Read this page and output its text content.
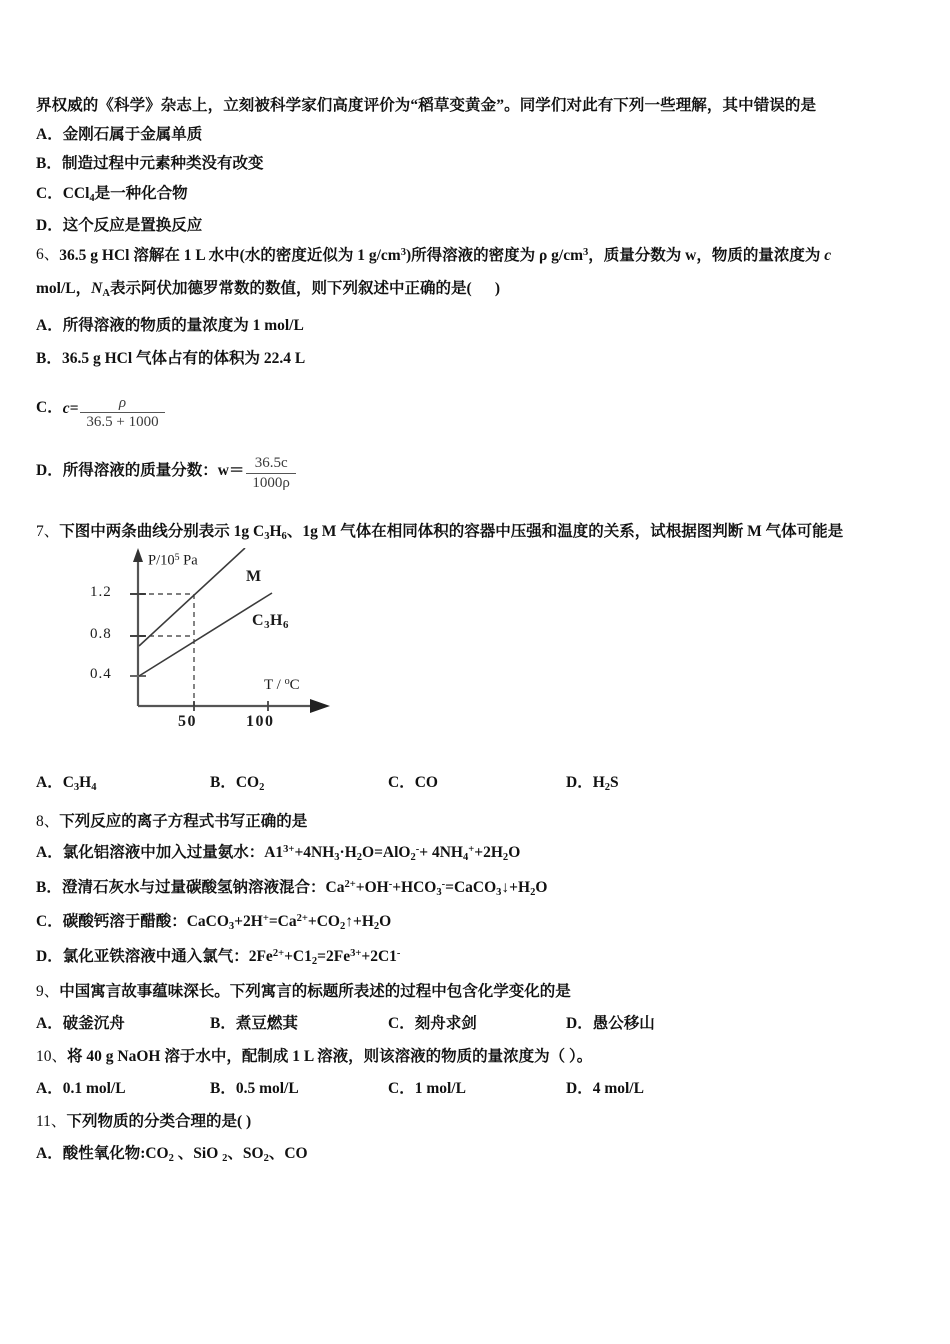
界权威的《科学》杂志上，立刻被科学家们高度评价为“稻草变黄金”。同学们对此有下列一些理解，其中错误的是
A．金刚石属于金属单质
B．制造过程中元素种类没有改变
C．CCl$_4$是一种化合物
D．这个反应是置换反应
6、36.5 g HCl 溶解在 1 L 水中(水的密度近似为 1 $g/cm^3$)所得溶液的密度为 ρ $g/cm^3$，质量分数为 w，物质的量浓度为 c
mol/L，$N_A$表示阿伏加德罗常数的数值，则下列叙述中正确的是(      )
A．所得溶液的物质的量浓度为 1 mol/L
B．36.5 g HCl 气体占有的体积为 22.4 L
C．$c= \frac{\rho}{36.5 + 1000}$
D．所得溶液的质量分数：$w= \frac{36.5c}{1000\rho}$
7、下图中两条曲线分别表示 1g $C_3H_6$、1g M 气体在相同体积的容器中压强和温度的关系，试根据图判断 M 气体可能是
$P/10^5$ Pa
1.2
0.8
0.4
50	100
T / $^o$C
M
$C_3H_6$
A．$C_3H_4$	B．$CO_2$	C．CO	D．$H_2S$
8、下列反应的离子方程式书写正确的是
A．氯化铝溶液中加入过量氨水：$A1^{3+}+4NH_3\cdot H_2O=AlO_2^-+ 4NH_4^++2H_2O$
B．澄清石灰水与过量碳酸氢钠溶液混合：$Ca^{2+}+OH^-+HCO_3^-=CaCO_3↓+H_2O$
C．碳酸钙溶于醋酸：$CaCO_3+2H^+=Ca^{2+}+CO_2↑+H_2O$
D．氯化亚铁溶液中通入氯气：$2Fe^{2+}+C1_2=2Fe^{3+}+2C1^-$
9、中国寓言故事蕴味深长。下列寓言的标题所表述的过程中包含化学变化的是
A．破釜沉舟	B．煮豆燃萁	C．刻舟求剑	D．愚公移山
10、将 40 g NaOH 溶于水中，配制成 1 L 溶液，则该溶液的物质的量浓度为（ ）。
A．0.1 mol/L	B．0.5 mol/L	C．1 mol/L	D．4 mol/L
11、下列物质的分类合理的是( )
A．酸性氧化物$:CO_2$ 、SiO $_2$、$SO_2$、CO
